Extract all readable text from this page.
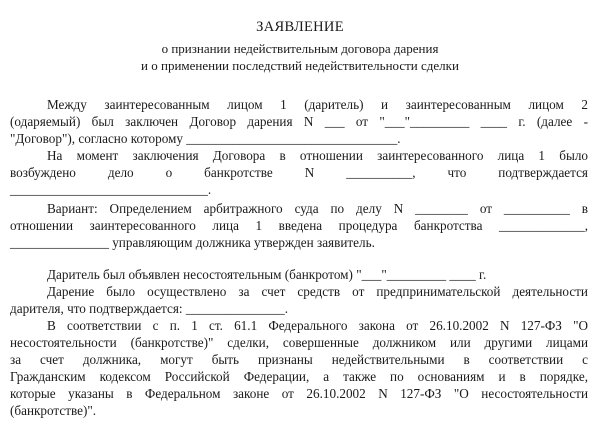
ЗАЯВЛЕНИЕ
о признании недействительным договора дарения
и о применении последствий недействительности сделки
Между заинтересованным лицом 1 (даритель) и заинтересованным лицом 2
(одаряемый) был заключен Договор дарения N ___ от "___"_________ ____ г. (далее -
"Договор"), согласно которому ________________________________.
На момент заключения Договора в отношении заинтересованного лица 1 было
возбуждено дело о банкротстве N __________, что подтверждается
______________________________.
Вариант: Определением арбитражного суда по делу N ________ от __________ в
отношении заинтересованного лица 1 введена процедура банкротства _____________,
_______________ управляющим должника утвержден заявитель.
Даритель был объявлен несостоятельным (банкротом) "___"_________ ____ г.
Дарение было осуществлено за счет средств от предпринимательской деятельности
дарителя, что подтверждается: _______________.
В соответствии с п. 1 ст. 61.1 Федерального закона от 26.10.2002 N 127-ФЗ "О
несостоятельности (банкротстве)" сделки, совершенные должником или другими лицами
за счет должника, могут быть признаны недействительными в соответствии с
Гражданским кодексом Российской Федерации, а также по основаниям и в порядке,
которые указаны в Федеральном законе от 26.10.2002 N 127-ФЗ "О несостоятельности
(банкротстве)".
